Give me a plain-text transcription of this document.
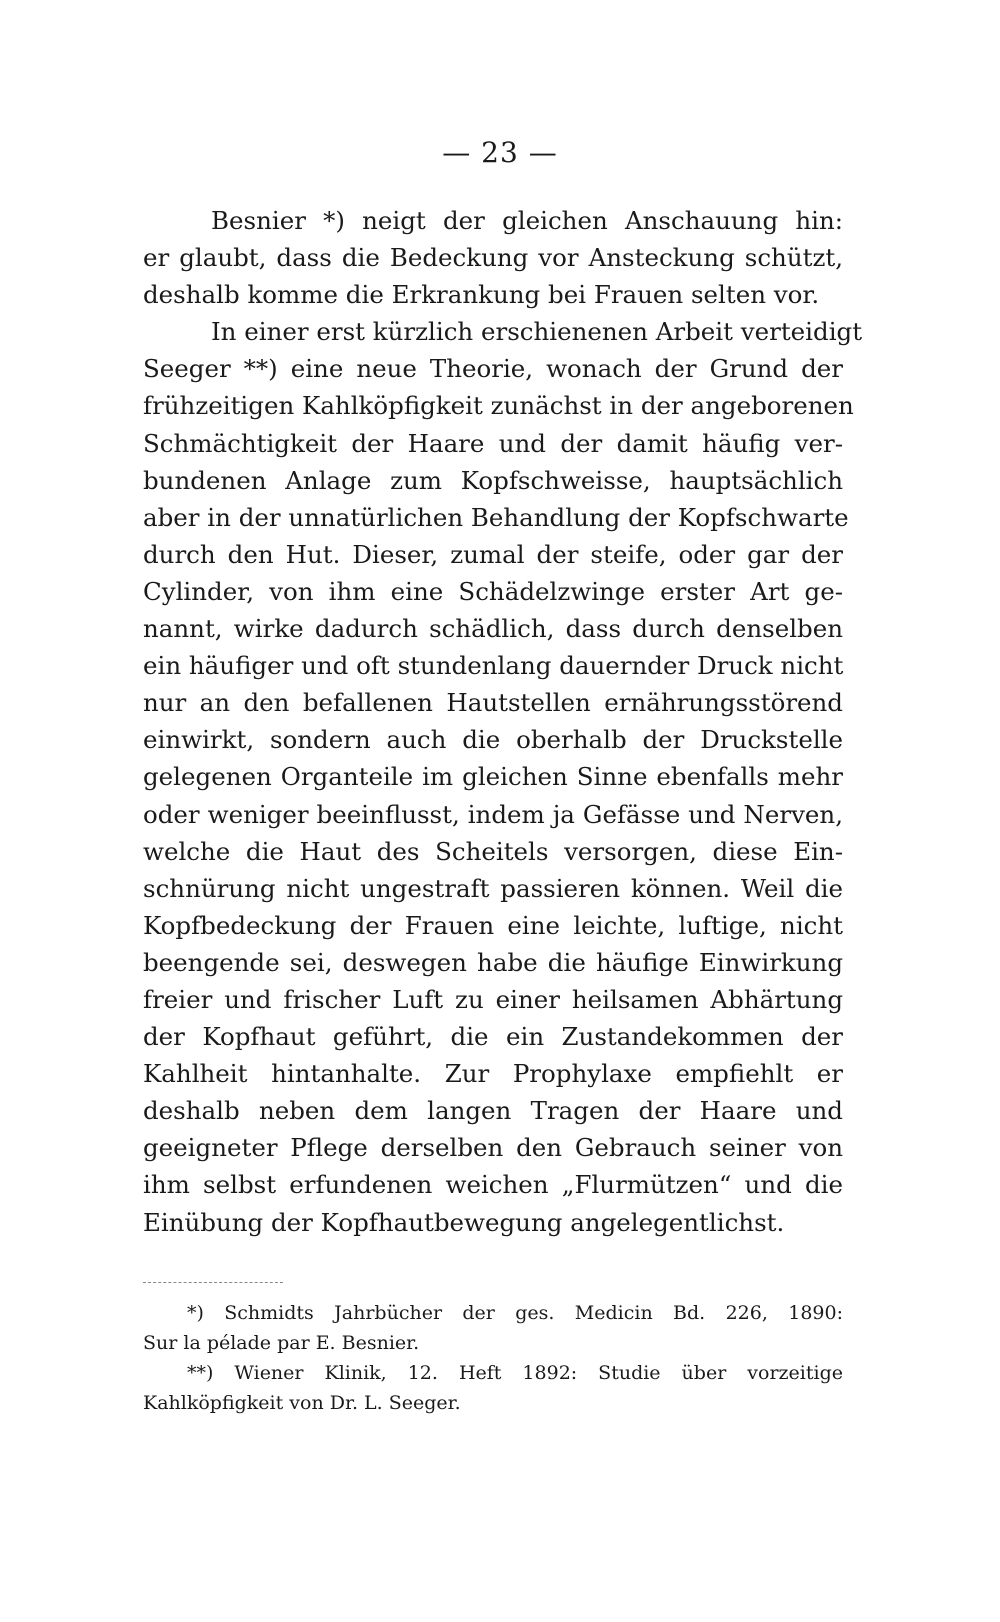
— 23 —
Besnier *) neigt der gleichen Anschauung hin:
er glaubt, dass die Bedeckung vor Ansteckung schützt,
deshalb komme die Erkrankung bei Frauen selten vor.
In einer erst kürzlich erschienenen Arbeit verteidigt
Seeger **) eine neue Theorie, wonach der Grund der
frühzeitigen Kahlköpfigkeit zunächst in der angeborenen
Schmächtigkeit der Haare und der damit häufig ver-
bundenen Anlage zum Kopfschweisse, hauptsächlich
aber in der unnatürlichen Behandlung der Kopfschwarte
durch den Hut. Dieser, zumal der steife, oder gar der
Cylinder, von ihm eine Schädelzwinge erster Art ge-
nannt, wirke dadurch schädlich, dass durch denselben
ein häufiger und oft stundenlang dauernder Druck nicht
nur an den befallenen Hautstellen ernährungsstörend
einwirkt, sondern auch die oberhalb der Druckstelle
gelegenen Organteile im gleichen Sinne ebenfalls mehr
oder weniger beeinflusst, indem ja Gefässe und Nerven,
welche die Haut des Scheitels versorgen, diese Ein-
schnürung nicht ungestraft passieren können. Weil die
Kopfbedeckung der Frauen eine leichte, luftige, nicht
beengende sei, deswegen habe die häufige Einwirkung
freier und frischer Luft zu einer heilsamen Abhärtung
der Kopfhaut geführt, die ein Zustandekommen der
Kahlheit hintanhalte. Zur Prophylaxe empfiehlt er
deshalb neben dem langen Tragen der Haare und
geeigneter Pflege derselben den Gebrauch seiner von
ihm selbst erfundenen weichen „Flurmützen“ und die
Einübung der Kopfhautbewegung angelegentlichst.
*) Schmidts Jahrbücher der ges. Medicin Bd. 226, 1890:
Sur la pélade par E. Besnier.
**) Wiener Klinik, 12. Heft 1892: Studie über vorzeitige
Kahlköpfigkeit von Dr. L. Seeger.
